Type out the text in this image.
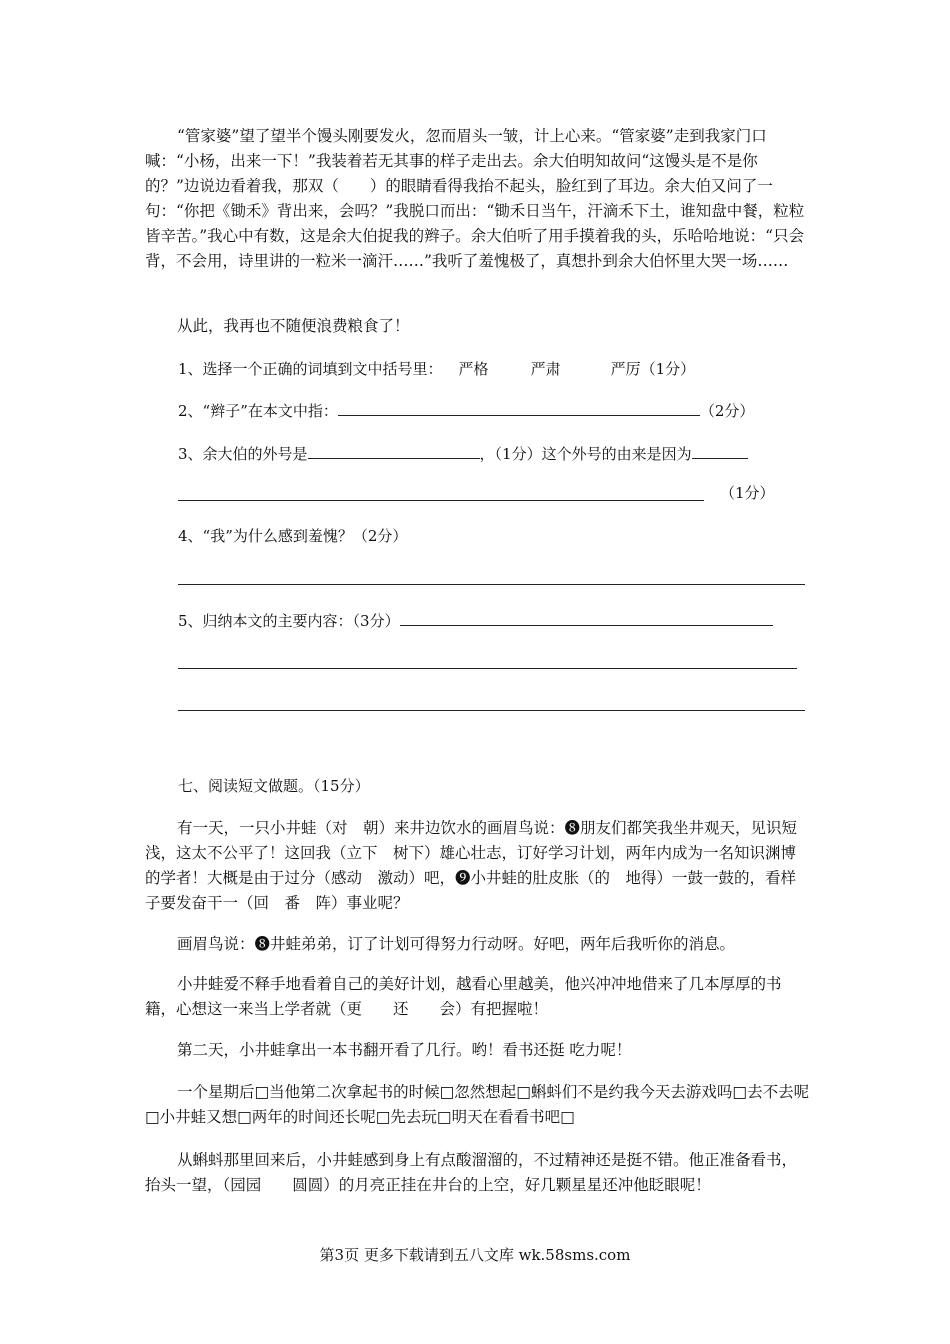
“管家婆”望了望半个馒头刚要发火，忽而眉头一皱，计上心来。“管家婆”走到我家门口喊：“小杨，出来一下！”我装着若无其事的样子走出去。余大伯明知故问“这馒头是不是你的？”边说边看着我，那双（　　）的眼睛看得我抬不起头，脸红到了耳边。余大伯又问了一句：“你把《锄禾》背出来，会吗？”我脱口而出：“锄禾日当午，汗滴禾下土，谁知盘中餐，粒粒皆辛苦。”我心中有数，这是余大伯捉我的辫子。余大伯听了用手摸着我的头，乐哈哈地说：“只会背，不会用，诗里讲的一粒米一滴汗……”我听了羞愧极了，真想扑到余大伯怀里大哭一场……

从此，我再也不随便浪费粮食了！

1、选择一个正确的词填到文中括号里： 严格	严肃	严厉（1分）
2、“辫子”在本文中指：	（2分）
3、余大伯的外号是	，（1分）这个外号的由来是因为
（1分）
4、“我”为什么感到羞愧？（2分）
5、归纳本文的主要内容：（3分）
七、阅读短文做题。（15分）

有一天，一只小井蛙（对　朝）来井边饮水的画眉鸟说：❽朋友们都笑我坐井观天，见识短浅，这太不公平了！这回我（立下　树下）雄心壮志，订好学习计划，两年内成为一名知识渊博的学者！大概是由于过分（感动　激动）吧，❾小井蛙的肚皮胀（的　地得）一鼓一鼓的，看样子要发奋干一（回　番　阵）事业呢？

画眉鸟说：❽井蛙弟弟，订了计划可得努力行动呀。好吧，两年后我听你的消息。

小井蛙爱不释手地看着自己的美好计划，越看心里越美，他兴冲冲地借来了几本厚厚的书籍，心想这一来当上学者就（更　　还　　会）有把握啦！

第二天，小井蛙拿出一本书翻开看了几行。哟！看书还挺 吃力呢！

一个星期后□当他第二次拿起书的时候□忽然想起□蝌蚪们不是约我今天去游戏吗□去不去呢□小井蛙又想□两年的时间还长呢□先去玩□明天在看看书吧□

从蝌蚪那里回来后，小井蛙感到身上有点酸溜溜的，不过精神还是挺不错。他正准备看书，抬头一望，（园园　　圆圆）的月亮正挂在井台的上空，好几颗星星还冲他眨眼呢！

第3页 更多下载请到五八文库 wk.58sms.com
